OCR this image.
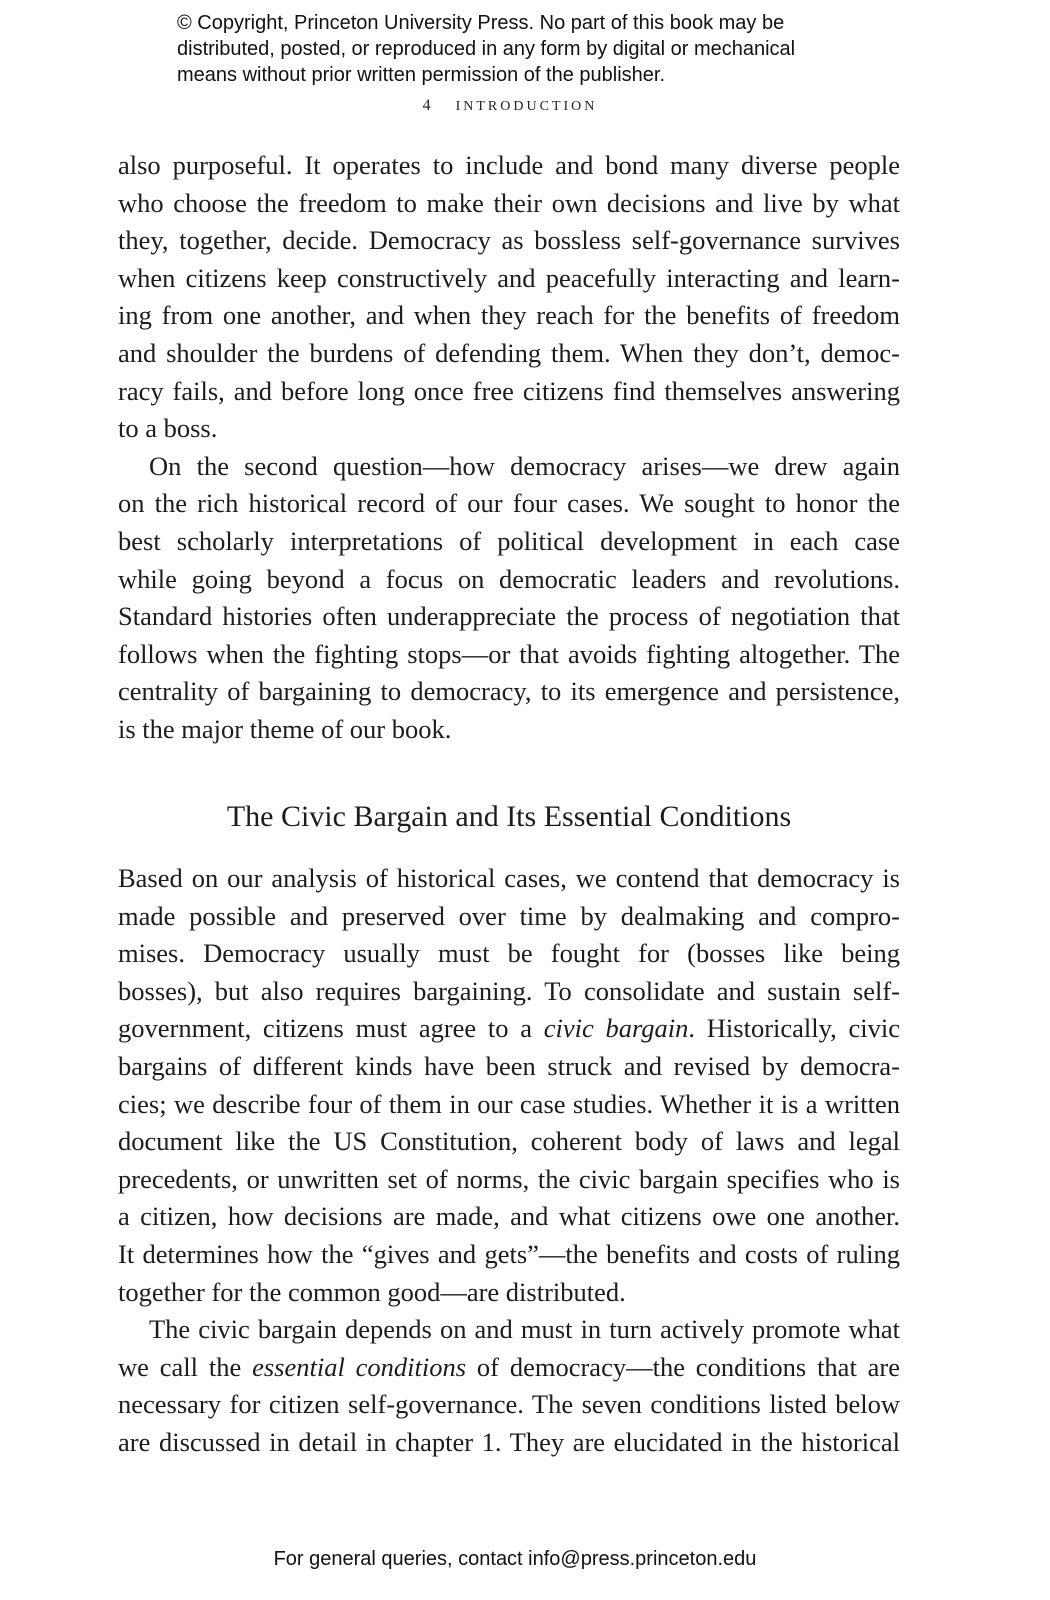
© Copyright, Princeton University Press. No part of this book may be
distributed, posted, or reproduced in any form by digital or mechanical
means without prior written permission of the publisher.
4 INTRODUCTION
also purposeful. It operates to include and bond many diverse people
who choose the freedom to make their own decisions and live by what
they, together, decide. Democracy as bossless self-governance survives
when citizens keep constructively and peacefully interacting and learn-
ing from one another, and when they reach for the benefits of freedom
and shoulder the burdens of defending them. When they don’t, democ-
racy fails, and before long once free citizens find themselves answering
to a boss.
On the second question—how democracy arises—we drew again
on the rich historical record of our four cases. We sought to honor the
best scholarly interpretations of political development in each case
while going beyond a focus on democratic leaders and revolutions.
Standard histories often underappreciate the process of negotiation that
follows when the fighting stops—or that avoids fighting altogether. The
centrality of bargaining to democracy, to its emergence and persistence,
is the major theme of our book.
The Civic Bargain and Its Essential Conditions
Based on our analysis of historical cases, we contend that democracy is
made possible and preserved over time by dealmaking and compro-
mises. Democracy usually must be fought for (bosses like being
bosses), but also requires bargaining. To consolidate and sustain self-
government, citizens must agree to a civic bargain. Historically, civic
bargains of different kinds have been struck and revised by democra-
cies; we describe four of them in our case studies. Whether it is a written
document like the US Constitution, coherent body of laws and legal
precedents, or unwritten set of norms, the civic bargain specifies who is
a citizen, how decisions are made, and what citizens owe one another.
It determines how the “gives and gets”—the benefits and costs of ruling
together for the common good—are distributed.
The civic bargain depends on and must in turn actively promote what
we call the essential conditions of democracy—the conditions that are
necessary for citizen self-governance. The seven conditions listed below
are discussed in detail in chapter 1. They are elucidated in the historical
For general queries, contact info@press.princeton.edu
